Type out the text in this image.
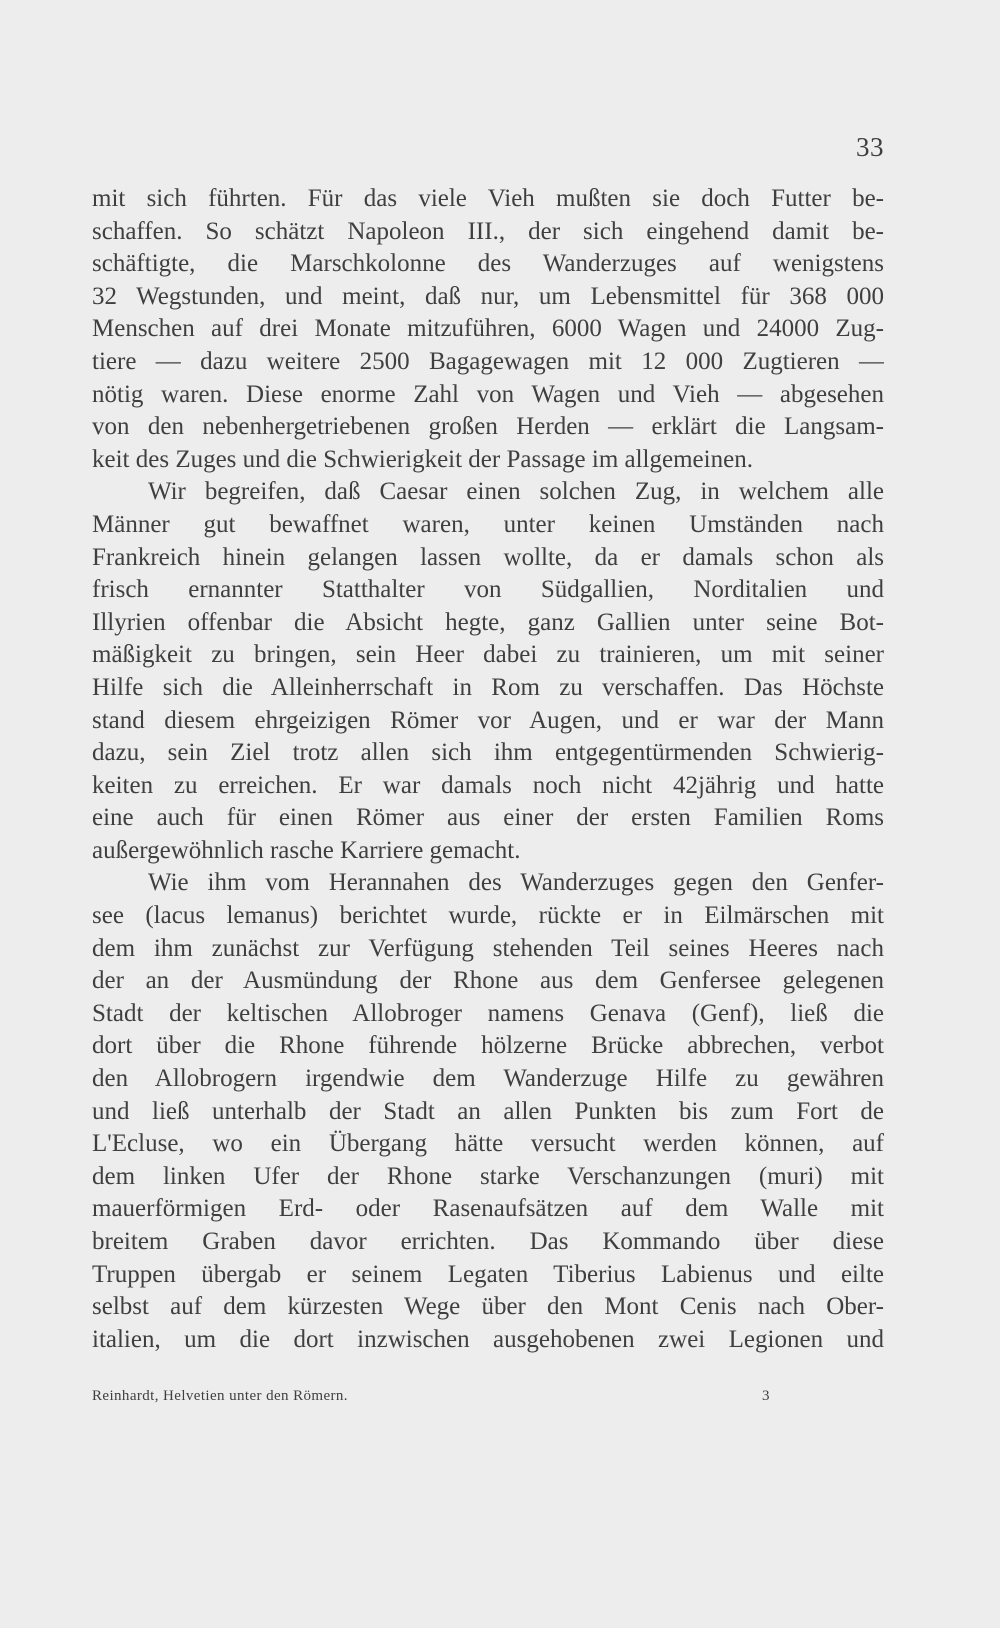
33
mit sich führten. Für das viele Vieh mußten sie doch Futter be-
schaffen. So schätzt Napoleon III., der sich eingehend damit be-
schäftigte, die Marschkolonne des Wanderzuges auf wenigstens
32 Wegstunden, und meint, daß nur, um Lebensmittel für 368 000
Menschen auf drei Monate mitzuführen, 6000 Wagen und 24000 Zug-
tiere — dazu weitere 2500 Bagagewagen mit 12 000 Zugtieren —
nötig waren. Diese enorme Zahl von Wagen und Vieh — abgesehen
von den nebenhergetriebenen großen Herden — erklärt die Langsam-
keit des Zuges und die Schwierigkeit der Passage im allgemeinen.
Wir begreifen, daß Caesar einen solchen Zug, in welchem alle
Männer gut bewaffnet waren, unter keinen Umständen nach
Frankreich hinein gelangen lassen wollte, da er damals schon als
frisch ernannter Statthalter von Südgallien, Norditalien und
Illyrien offenbar die Absicht hegte, ganz Gallien unter seine Bot-
mäßigkeit zu bringen, sein Heer dabei zu trainieren, um mit seiner
Hilfe sich die Alleinherrschaft in Rom zu verschaffen. Das Höchste
stand diesem ehrgeizigen Römer vor Augen, und er war der Mann
dazu, sein Ziel trotz allen sich ihm entgegentürmenden Schwierig-
keiten zu erreichen. Er war damals noch nicht 42jährig und hatte
eine auch für einen Römer aus einer der ersten Familien Roms
außergewöhnlich rasche Karriere gemacht.
Wie ihm vom Herannahen des Wanderzuges gegen den Genfer-
see (lacus lemanus) berichtet wurde, rückte er in Eilmärschen mit
dem ihm zunächst zur Verfügung stehenden Teil seines Heeres nach
der an der Ausmündung der Rhone aus dem Genfersee gelegenen
Stadt der keltischen Allobroger namens Genava (Genf), ließ die
dort über die Rhone führende hölzerne Brücke abbrechen, verbot
den Allobrogern irgendwie dem Wanderzuge Hilfe zu gewähren
und ließ unterhalb der Stadt an allen Punkten bis zum Fort de
L'Ecluse, wo ein Übergang hätte versucht werden können, auf
dem linken Ufer der Rhone starke Verschanzungen (muri) mit
mauerförmigen Erd- oder Rasenaufsätzen auf dem Walle mit
breitem Graben davor errichten. Das Kommando über diese
Truppen übergab er seinem Legaten Tiberius Labienus und eilte
selbst auf dem kürzesten Wege über den Mont Cenis nach Ober-
italien, um die dort inzwischen ausgehobenen zwei Legionen und
Reinhardt, Helvetien unter den Römern.	3
